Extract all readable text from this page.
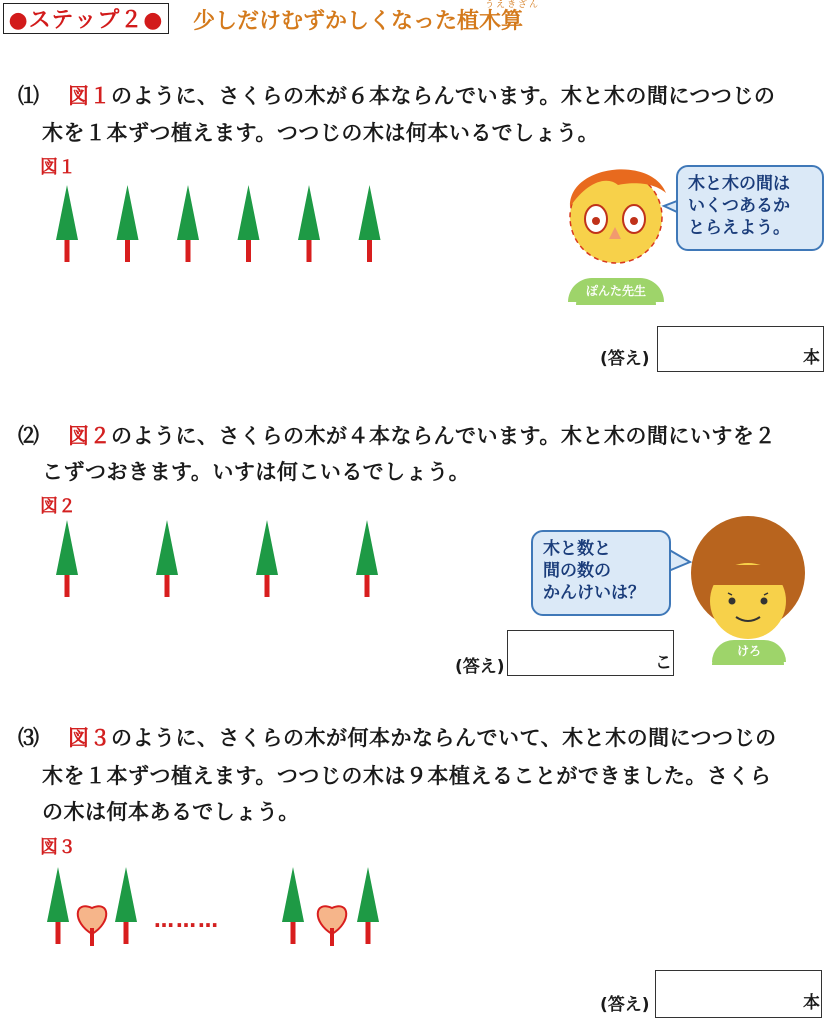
●ステップ２●
うえきざん
少しだけむずかしくなった植木算
⑴ 図１のように、さくらの木が６本ならんでいます。木と木の間につつじの
木を１本ずつ植えます。つつじの木は何本いるでしょう。
図１
ぽんた先生
木と木の間は
いくつあるか
とらえよう。
(答え)	本
⑵ 図２のように、さくらの木が４本ならんでいます。木と木の間にいすを２
こずつおきます。いすは何こいるでしょう。
図２
木と数と
間の数の
かんけいは？
けろ
(答え)	こ
⑶ 図３のように、さくらの木が何本かならんでいて、木と木の間につつじの
木を１本ずつ植えます。つつじの木は９本植えることができました。さくら
の木は何本あるでしょう。
図３
………
(答え)	本
